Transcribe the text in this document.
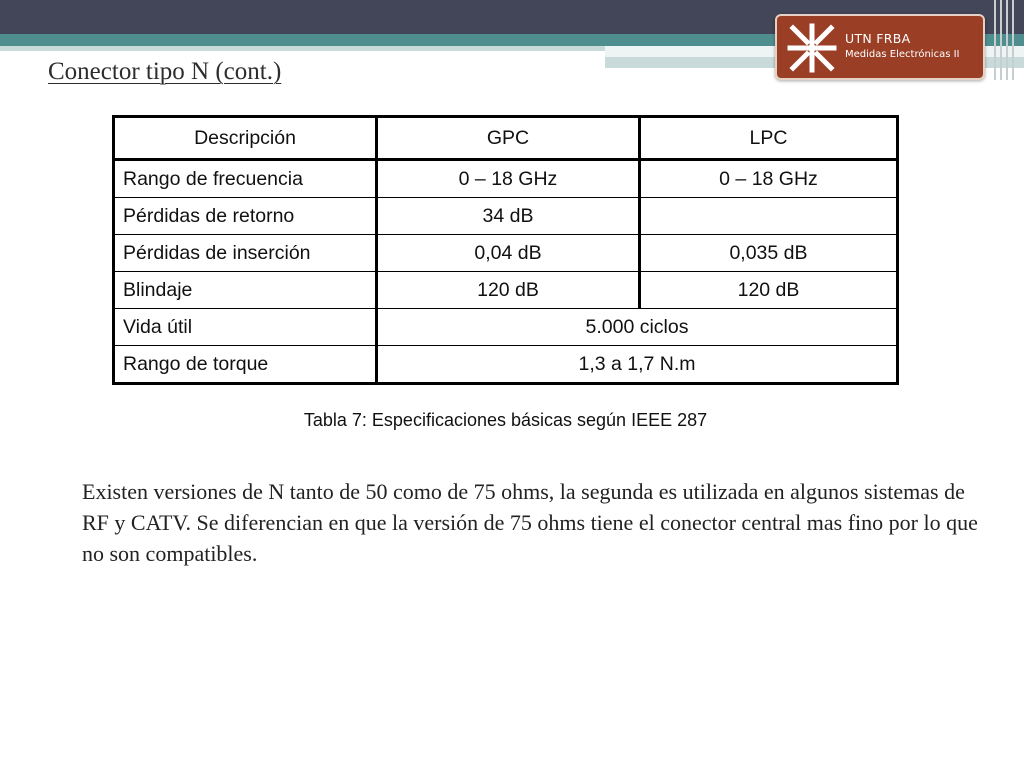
UTN FRBA
Medidas Electrónicas II
Conector tipo N (cont.)
Descripción	GPC	LPC
Rango de frecuencia	0 – 18 GHz	0 – 18 GHz
Pérdidas de retorno	34 dB	
Pérdidas de inserción	0,04 dB	0,035 dB
Blindaje	120 dB	120 dB
Vida útil	5.000 ciclos	
Rango de torque	1,3 a 1,7 N.m	
Tabla 7: Especificaciones básicas según IEEE 287
Existen versiones de N tanto de 50 como de 75 ohms, la segunda es utilizada en algunos sistemas de RF y CATV. Se diferencian en que la versión de 75 ohms tiene el conector central mas fino por lo que no son compatibles.
